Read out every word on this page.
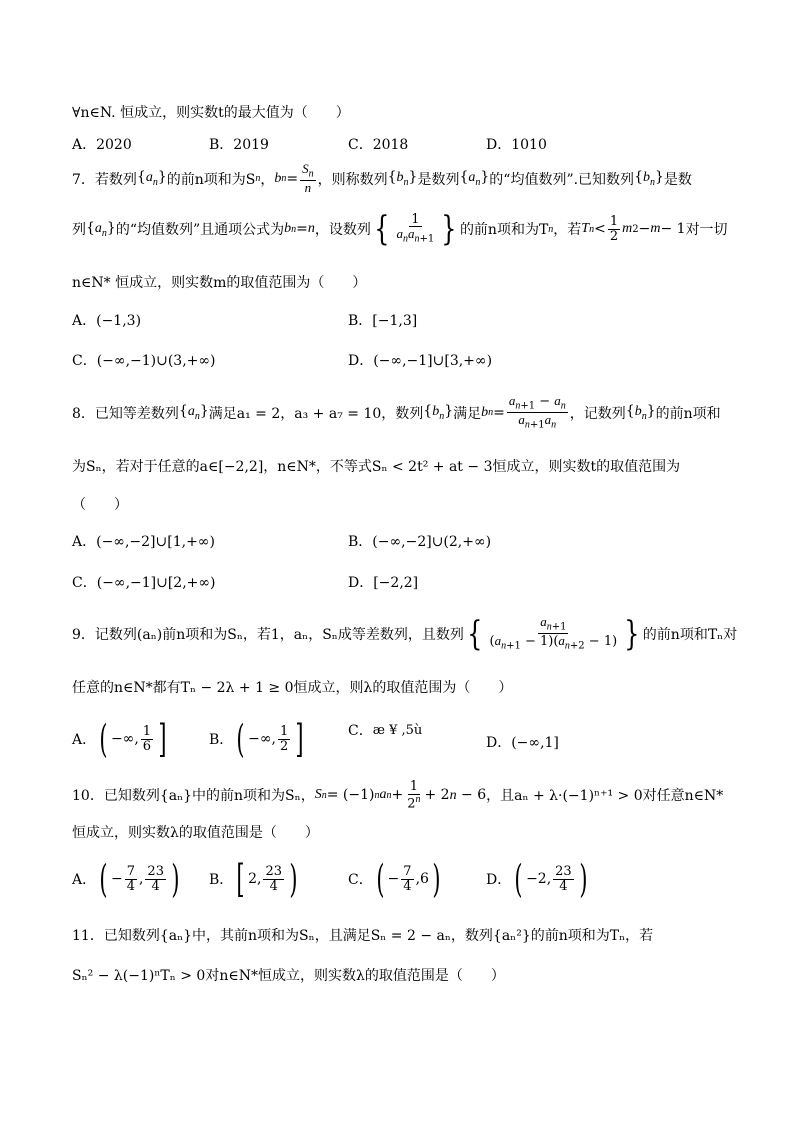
∀n∈N. 恒成立，则实数t的最大值为（　　）
A．2020	B．2019	C．2018	D．1010
7．若数列 $\{a_n\}$ 的前n项和为S n ， b $n = \frac{S_n}{n}$ ，则称数列 $\{b_n\}$ 是数列 $\{a_n\}$ 的“均值数列”.已知数列 $\{b_n\}$ 是数
列 $\{a_n\}$ 的“均值数列”且通项公式为 b n = n ，设数列 { $\frac{1}{a_na_{n+1}}$ } 的前n项和为T n ，若 T $n < \frac{1}{2}$ m 2 − m − 1 对一切
n∈N* 恒成立，则实数m的取值范围为（　　）
A．(−1,3)	B．[−1,3]
C．(−∞,−1)∪(3,+∞)	D．(−∞,−1]∪[3,+∞)
8．已知等差数列 $\{a_n\}$ 满足a₁ = 2，a₃ + a₇ = 10，数列 $\{b_n\}$ 满足 b $n = \frac{a_{n+1} - a_n}{a_{n+1}a_n}$ ，记数列 $\{b_n\}$ 的前n项和
为Sₙ，若对于任意的a∈[−2,2]，n∈N*，不等式Sₙ < 2t² + at − 3恒成立，则实数t的取值范围为
（　　）
A．(−∞,−2]∪[1,+∞)	B．(−∞,−2]∪(2,+∞)
C．(−∞,−1]∪[2,+∞)	D．[−2,2]
9．记数列(aₙ)前n项和为Sₙ，若1，aₙ，Sₙ成等差数列，且数列 { $\frac{a_{n+1}}{(a_{n+1} - 1)(a_{n+2} - 1)}$ } 的前n项和Tₙ对
任意的n∈N*都有Tₙ − 2λ + 1 ≥ 0恒成立，则λ的取值范围为（　　）
A． ( −∞, $\frac{1}{6}$ ]	B． ( −∞, $\frac{1}{2}$ ]	C． æ ¥ ,5ù
D．(−∞,1]
10．已知数列{aₙ}中的前n项和为Sₙ， S n = (−1) n a $n + \frac{1}{2^n} + 2n - 6$ ，且aₙ + λ·(−1)ⁿ⁺¹ > 0对任意n∈N*
恒成立，则实数λ的取值范围是（　　）
A． ( − $\frac{7}{4}$ , $\frac{23}{4}$ ) B． [ 2, $\frac{23}{4}$ )	C． ( − $\frac{7}{4} ,6$ )	D． ( −2, $\frac{23}{4}$ )
11．已知数列{aₙ}中，其前n项和为Sₙ，且满足Sₙ = 2 − aₙ，数列{aₙ²}的前n项和为Tₙ，若
Sₙ² − λ(−1)ⁿTₙ > 0对n∈N*恒成立，则实数λ的取值范围是（　　）
